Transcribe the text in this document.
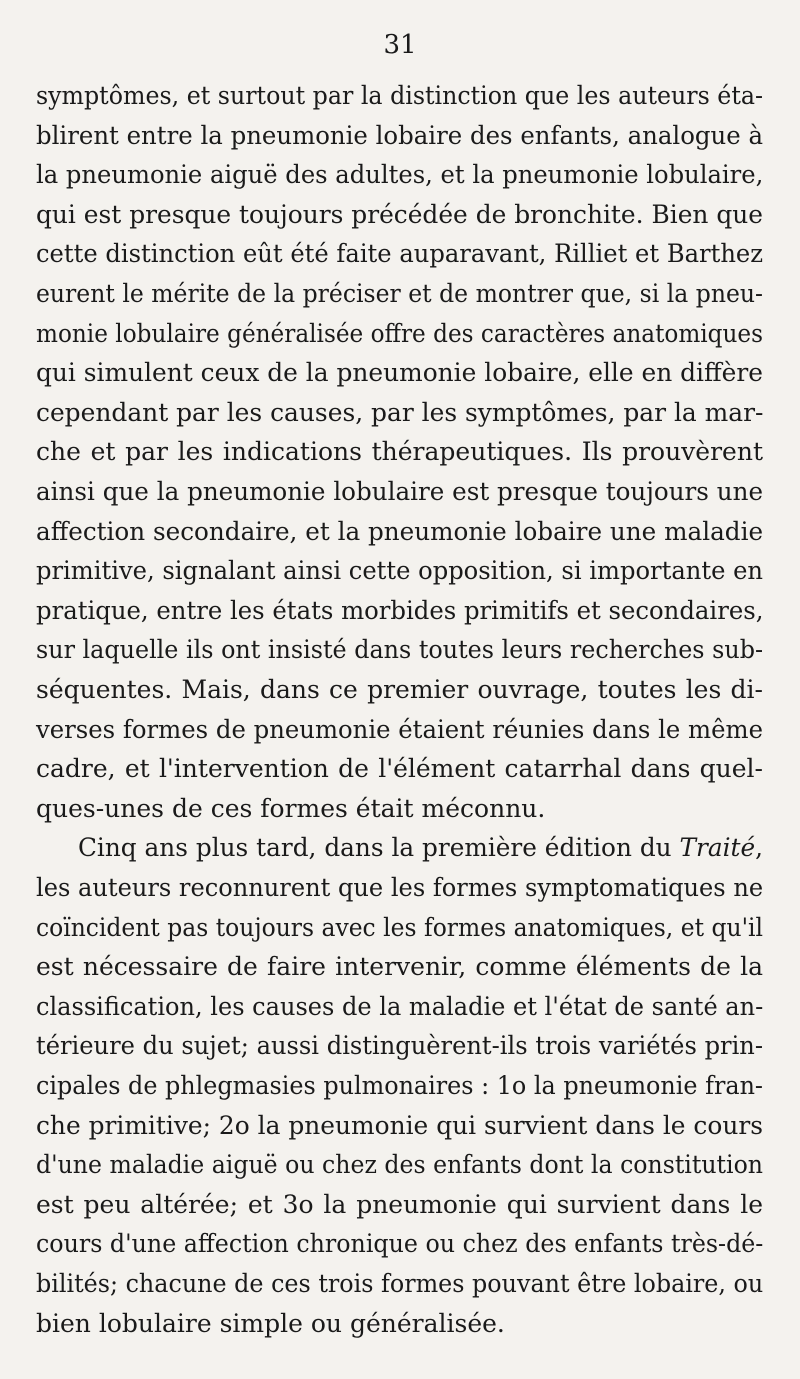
31
symptômes, et surtout par la distinction que les auteurs éta-
blirent entre la pneumonie lobaire des enfants, analogue à
la pneumonie aiguë des adultes, et la pneumonie lobulaire,
qui est presque toujours précédée de bronchite. Bien que
cette distinction eût été faite auparavant, Rilliet et Barthez
eurent le mérite de la préciser et de montrer que, si la pneu-
monie lobulaire généralisée offre des caractères anatomiques
qui simulent ceux de la pneumonie lobaire, elle en diffère
cependant par les causes, par les symptômes, par la mar-
che et par les indications thérapeutiques. Ils prouvèrent
ainsi que la pneumonie lobulaire est presque toujours une
affection secondaire, et la pneumonie lobaire une maladie
primitive, signalant ainsi cette opposition, si importante en
pratique, entre les états morbides primitifs et secondaires,
sur laquelle ils ont insisté dans toutes leurs recherches sub-
séquentes. Mais, dans ce premier ouvrage, toutes les di-
verses formes de pneumonie étaient réunies dans le même
cadre, et l'intervention de l'élément catarrhal dans quel-
ques-unes de ces formes était méconnu.
Cinq ans plus tard, dans la première édition du Traité,
les auteurs reconnurent que les formes symptomatiques ne
coïncident pas toujours avec les formes anatomiques, et qu'il
est nécessaire de faire intervenir, comme éléments de la
classification, les causes de la maladie et l'état de santé an-
térieure du sujet; aussi distinguèrent-ils trois variétés prin-
cipales de phlegmasies pulmonaires : 1o la pneumonie fran-
che primitive; 2o la pneumonie qui survient dans le cours
d'une maladie aiguë ou chez des enfants dont la constitution
est peu altérée; et 3o la pneumonie qui survient dans le
cours d'une affection chronique ou chez des enfants très-dé-
bilités; chacune de ces trois formes pouvant être lobaire, ou
bien lobulaire simple ou généralisée.
